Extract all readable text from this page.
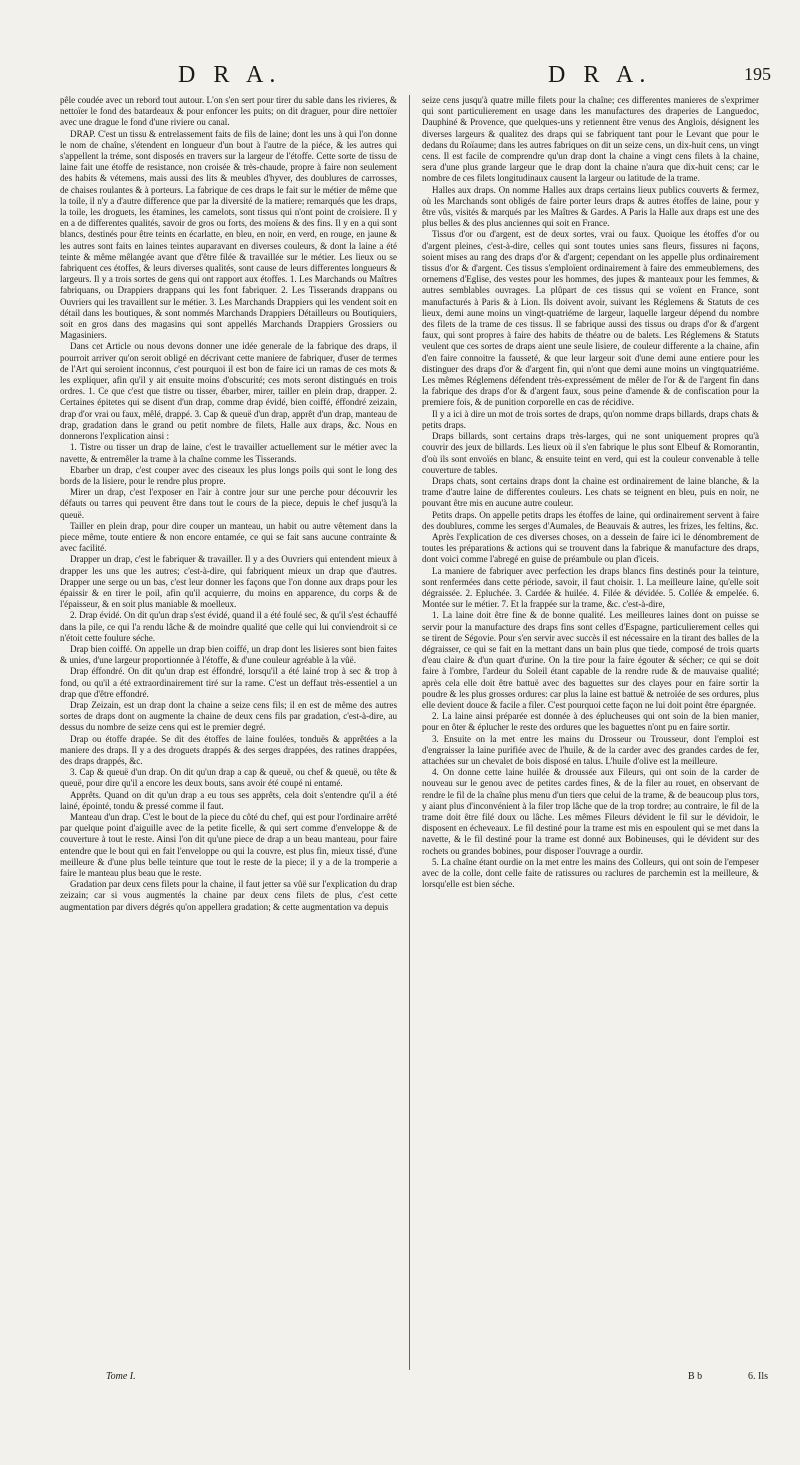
D R A.	D R A.	195

pêle coudée avec un rebord tout autour. L'on s'en sert pour tirer du sable dans les rivieres, & nettoïer le fond des batardeaux & pour enfoncer les puits; on dit draguer, pour dire nettoïer avec une drague le fond d'une riviere ou canal.

DRAP. C'est un tissu & entrelassement faits de fils de laine; dont les uns à qui l'on donne le nom de chaîne, s'étendent en longueur d'un bout à l'autre de la piéce, & les autres qui s'appellent la tréme, sont disposés en travers sur la largeur de l'étoffe. Cette sorte de tissu de laine fait une étoffe de resistance, non croisée & très-chaude, propre à faire non seulement des habits & vétemens, mais aussi des lits & meubles d'hyver, des doublures de carrosses, de chaises roulantes & à porteurs. La fabrique de ces draps le fait sur le métier de même que la toile, il n'y a d'autre difference que par la diversité de la matiere; remarqués que les draps, la toile, les droguets, les étamines, les camelots, sont tissus qui n'ont point de croisiere. Il y en a de differentes qualités, savoir de gros ou forts, des moïens & des fins. Il y en a qui sont blancs, destinés pour être teints en écarlatte, en bleu, en noir, en verd, en rouge, en jaune & les autres sont faits en laines teintes auparavant en diverses couleurs, & dont la laine a été teinte & même mêlangée avant que d'être filée & travaillée sur le métier. Les lieux ou se fabriquent ces étoffes, & leurs diverses qualités, sont cause de leurs differentes longueurs & largeurs. Il y a trois sortes de gens qui ont rapport aux étoffes. 1. Les Marchands ou Maîtres fabriquans, ou Drappiers drappans qui les font fabriquer. 2. Les Tisserands drappans ou Ouvriers qui les travaillent sur le métier. 3. Les Marchands Drappiers qui les vendent soit en détail dans les boutiques, & sont nommés Marchands Drappiers Détailleurs ou Boutiquiers, soit en gros dans des magasins qui sont appellés Marchands Drappiers Grossiers ou Magasiniers.

Dans cet Article ou nous devons donner une idée generale de la fabrique des draps, il pourroit arriver qu'on seroit obligé en décrivant cette maniere de fabriquer, d'user de termes de l'Art qui seroient inconnus, c'est pourquoi il est bon de faire ici un ramas de ces mots & les expliquer, afin qu'il y ait ensuite moins d'obscurité; ces mots seront distingués en trois ordres. 1. Ce que c'est que tistre ou tisser, ébarber, mirer, tailler en plein drap, drapper. 2. Certaines épitetes qui se disent d'un drap, comme drap évidé, bien coiffé, éffondré zeizain, drap d'or vrai ou faux, mêlé, drappé. 3. Cap & queuë d'un drap, apprêt d'un drap, manteau de drap, gradation dans le grand ou petit nombre de filets, Halle aux draps, &c. Nous en donnerons l'explication ainsi :

1. Tistre ou tisser un drap de laine, c'est le travailler actuellement sur le métier avec la navette, & entremêler la trame à la chaîne comme les Tisserands.

Ebarber un drap, c'est couper avec des ciseaux les plus longs poils qui sont le long des bords de la lisiere, pour le rendre plus propre.

Mirer un drap, c'est l'exposer en l'air à contre jour sur une perche pour découvrir les défauts ou tarres qui peuvent être dans tout le cours de la piece, depuis le chef jusqu'à la queuë.

Tailler en plein drap, pour dire couper un manteau, un habit ou autre vêtement dans la piece même, toute entiere & non encore entamée, ce qui se fait sans aucune contrainte & avec facilité.

Drapper un drap, c'est le fabriquer & travailler. Il y a des Ouvriers qui entendent mieux à drapper les uns que les autres; c'est-à-dire, qui fabriquent mieux un drap que d'autres. Drapper une serge ou un bas, c'est leur donner les façons que l'on donne aux draps pour les épaissir & en tirer le poil, afin qu'il acquierre, du moins en apparence, du corps & de l'épaisseur, & en soit plus maniable & moelleux.

2. Drap évidé. On dit qu'un drap s'est évidé, quand il a été foulé sec, & qu'il s'est échauffé dans la pile, ce qui l'a rendu lâche & de moindre qualité que celle qui lui conviendroit si ce n'étoit cette foulure séche.

Drap bien coiffé. On appelle un drap bien coiffé, un drap dont les lisieres sont bien faites & unies, d'une largeur proportionnée à l'étoffe, & d'une couleur agréable à la vûë.

Drap éffondré. On dit qu'un drap est éffondré, lorsqu'il a été lainé trop à sec & trop à fond, ou qu'il a été extraordinairement tiré sur la rame. C'est un deffaut très-essentiel a un drap que d'être effondré.

Drap Zeizain, est un drap dont la chaine a seize cens fils; il en est de même des autres sortes de draps dont on augmente la chaine de deux cens fils par gradation, c'est-à-dire, au dessus du nombre de seize cens qui est le premier degré.

Drap ou étoffe drapée. Se dit des étoffes de laine foulées, tonduës & apprêtées a la maniere des draps. Il y a des droguets drappés & des serges drappées, des ratines drappées, des draps drappés, &c.

3. Cap & queuë d'un drap. On dit qu'un drap a cap & queuë, ou chef & queuë, ou tête & queuë, pour dire qu'il a encore les deux bouts, sans avoir été coupé ni entamé.

Apprêts. Quand on dit qu'un drap a eu tous ses apprêts, cela doit s'entendre qu'il a été lainé, épointé, tondu & pressé comme il faut.

Manteau d'un drap. C'est le bout de la piece du côté du chef, qui est pour l'ordinaire arrêté par quelque point d'aiguille avec de la petite ficelle, & qui sert comme d'enveloppe & de couverture à tout le reste. Ainsi l'on dit qu'une piece de drap a un beau manteau, pour faire entendre que le bout qui en fait l'enveloppe ou qui la couvre, est plus fin, mieux tissé, d'une meilleure & d'une plus belle teinture que tout le reste de la piece; il y a de la tromperie a faire le manteau plus beau que le reste.

Gradation par deux cens filets pour la chaine, il faut jetter sa vûë sur l'explication du drap zeizain; car si vous augmentés la chaine par deux cens filets de plus, c'est cette augmentation par divers dégrés qu'on appellera gradation; & cette augmentation va depuis

seize cens jusqu'à quatre mille filets pour la chaîne; ces differentes manieres de s'exprimer qui sont particulierement en usage dans les manufactures des draperies de Languedoc, Dauphiné & Provence, que quelques-uns y retiennent être venus des Anglois, désignent les diverses largeurs & qualitez des draps qui se fabriquent tant pour le Levant que pour le dedans du Roïaume; dans les autres fabriques on dit un seize cens, un dix-huit cens, un vingt cens. Il est facile de comprendre qu'un drap dont la chaine a vingt cens filets à la chaine, sera d'une plus grande largeur que le drap dont la chaine n'aura que dix-huit cens; car le nombre de ces filets longitudinaux causent la largeur ou latitude de la trame.

Halles aux draps. On nomme Halles aux draps certains lieux publics couverts & fermez, où les Marchands sont obligés de faire porter leurs draps & autres étoffes de laine, pour y être vûs, visités & marqués par les Maîtres & Gardes. A Paris la Halle aux draps est une des plus belles & des plus anciennes qui soit en France.

Tissus d'or ou d'argent, est de deux sortes, vrai ou faux. Quoique les étoffes d'or ou d'argent pleines, c'est-à-dire, celles qui sont toutes unies sans fleurs, fissures ni façons, soient mises au rang des draps d'or & d'argent; cependant on les appelle plus ordinairement tissus d'or & d'argent. Ces tissus s'emploïent ordinairement à faire des emmeublemens, des ornemens d'Eglise, des vestes pour les hommes, des jupes & manteaux pour les femmes, & autres semblables ouvrages. La plûpart de ces tissus qui se voïent en France, sont manufacturés à Paris & à Lion. Ils doivent avoir, suivant les Réglemens & Statuts de ces lieux, demi aune moins un vingt-quatriéme de largeur, laquelle largeur dépend du nombre des filets de la trame de ces tissus. Il se fabrique aussi des tissus ou draps d'or & d'argent faux, qui sont propres à faire des habits de théatre ou de balets. Les Réglemens & Statuts veulent que ces sortes de draps aient une seule lisiere, de couleur differente a la chaine, afin d'en faire connoitre la fausseté, & que leur largeur soit d'une demi aune entiere pour les distinguer des draps d'or & d'argent fin, qui n'ont que demi aune moins un vingtquatriéme. Les mêmes Réglemens défendent très-expressément de mêler de l'or & de l'argent fin dans la fabrique des draps d'or & d'argent faux, sous peine d'amende & de confiscation pour la premiere fois, & de punition corporelle en cas de récidive.

Il y a ici à dire un mot de trois sortes de draps, qu'on nomme draps billards, draps chats & petits draps.

Draps billards, sont certains draps très-larges, qui ne sont uniquement propres qu'à couvrir des jeux de billards. Les lieux où il s'en fabrique le plus sont Elbeuf & Romorantin, d'où ils sont envoïés en blanc, & ensuite teint en verd, qui est la couleur convenable à telle couverture de tables.

Draps chats, sont certains draps dont la chaine est ordinairement de laine blanche, & la trame d'autre laine de differentes couleurs. Les chats se teignent en bleu, puis en noir, ne pouvant être mis en aucune autre couleur.

Petits draps. On appelle petits draps les étoffes de laine, qui ordinairement servent à faire des doublures, comme les serges d'Aumales, de Beauvais & autres, les frizes, les feltins, &c.

Après l'explication de ces diverses choses, on a dessein de faire ici le dénombrement de toutes les préparations & actions qui se trouvent dans la fabrique & manufacture des draps, dont voici comme l'abregé en guise de préambule ou plan d'iceis.

La maniere de fabriquer avec perfection les draps blancs fins destinés pour la teinture, sont renfermées dans cette période, savoir, il faut choisir. 1. La meilleure laine, qu'elle soit dégraissée. 2. Epluchée. 3. Cardée & huilée. 4. Filée & dévidée. 5. Collée & empelée. 6. Montée sur le métier. 7. Et la frappée sur la trame, &c. c'est-à-dire,

1. La laine doit être fine & de bonne qualité. Les meilleures laines dont on puisse se servir pour la manufacture des draps fins sont celles d'Espagne, particulierement celles qui se tirent de Ségovie. Pour s'en servir avec succès il est nécessaire en la tirant des balles de la dégraisser, ce qui se fait en la mettant dans un bain plus que tiede, composé de trois quarts d'eau claire & d'un quart d'urine. On la tire pour la faire égouter & sécher; ce qui se doit faire à l'ombre, l'ardeur du Soleil étant capable de la rendre rude & de mauvaise qualité; après cela elle doit être battuë avec des baguettes sur des clayes pour en faire sortir la poudre & les plus grosses ordures: car plus la laine est battuë & netroïée de ses ordures, plus elle devient douce & facile a filer. C'est pourquoi cette façon ne lui doit point être épargnée.

2. La laine ainsi préparée est donnée à des éplucheuses qui ont soin de la bien manier, pour en ôter & éplucher le reste des ordures que les baguettes n'ont pu en faire sortir.

3. Ensuite on la met entre les mains du Drosseur ou Trousseur, dont l'emploi est d'engraisser la laine purifiée avec de l'huile, & de la carder avec des grandes cardes de fer, attachées sur un chevalet de bois disposé en talus. L'huile d'olive est la meilleure.

4. On donne cette laine huilée & droussée aux Fileurs, qui ont soin de la carder de nouveau sur le genou avec de petites cardes fines, & de la filer au rouet, en observant de rendre le fil de la chaîne plus menu d'un tiers que celui de la trame, & de beaucoup plus tors, y aiant plus d'inconvénient à la filer trop lâche que de la trop tordre; au contraire, le fil de la trame doit être filé doux ou lâche. Les mêmes Fileurs dévident le fil sur le dévidoir, le disposent en écheveaux. Le fil destiné pour la trame est mis en espoulent qui se met dans la navette, & le fil destiné pour la trame est donné aux Bobineuses, qui le dévident sur des rochets ou grandes bobines, pour disposer l'ouvrage a ourdir.

5. La chaîne étant ourdie on la met entre les mains des Colleurs, qui ont soin de l'empeser avec de la colle, dont celle faite de ratissures ou raclures de parchemin est la meilleure, & lorsqu'elle est bien séche.

Tome I.	B b	6. Ils
